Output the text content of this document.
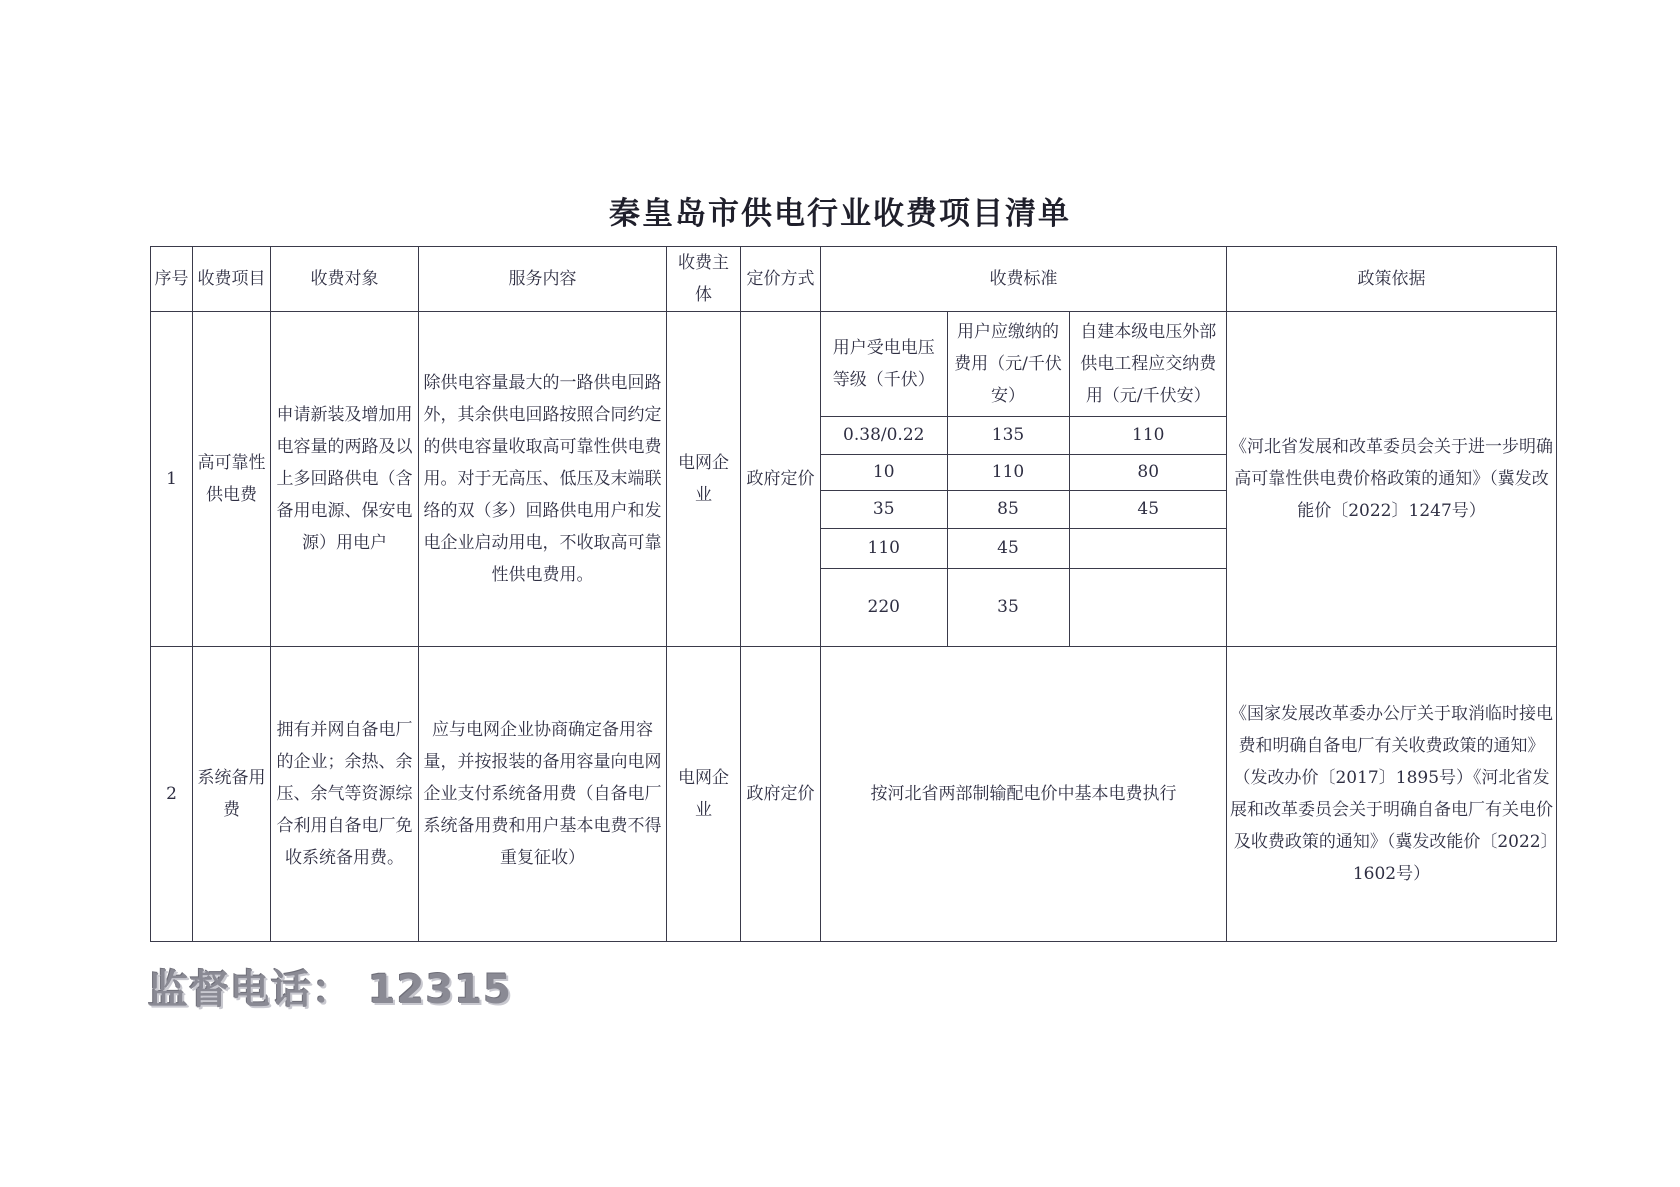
秦皇岛市供电行业收费项目清单
序号	收费项目	收费对象	服务内容	收费主体	定价方式	收费标准	政策依据
1	高可靠性供电费	申请新装及增加用电容量的两路及以上多回路供电（含备用电源、保安电源）用电户	除供电容量最大的一路供电回路外，其余供电回路按照合同约定的供电容量收取高可靠性供电费用。对于无高压、低压及末端联络的双（多）回路供电用户和发电企业启动用电，不收取高可靠性供电费用。	电网企业	政府定价	
用户受电电压等级（千伏）	用户应缴纳的费用（元/千伏安）	自建本级电压外部供电工程应交纳费用（元/千伏安）
0.38/0.22	135	110
10	110	80
35	85	45
110	45	
220	35	
	《河北省发展和改革委员会关于进一步明确高可靠性供电费价格政策的通知》（冀发改能价〔2022〕1247号）
2	系统备用费	拥有并网自备电厂的企业；余热、余压、余气等资源综合利用自备电厂免收系统备用费。	应与电网企业协商确定备用容量，并按报装的备用容量向电网企业支付系统备用费（自备电厂系统备用费和用户基本电费不得重复征收）	电网企业	政府定价	按河北省两部制输配电价中基本电费执行	《国家发展改革委办公厅关于取消临时接电费和明确自备电厂有关收费政策的通知》（发改办价〔2017〕1895号）《河北省发展和改革委员会关于明确自备电厂有关电价及收费政策的通知》（冀发改能价〔2022〕1602号）
监督电话： 12315
